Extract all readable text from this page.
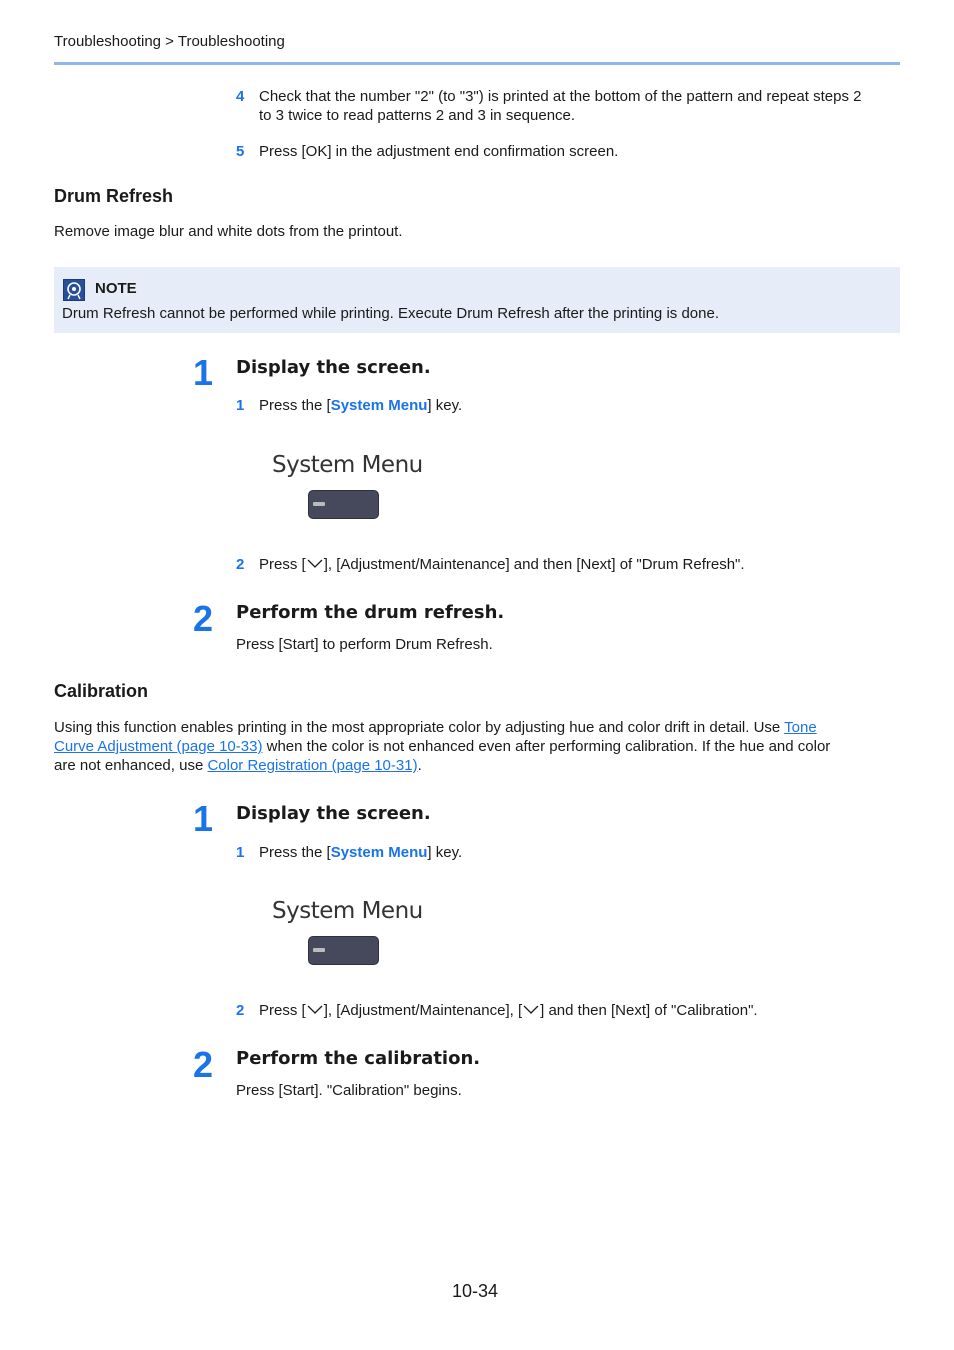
Troubleshooting > Troubleshooting
4 Check that the number "2" (to "3") is printed at the bottom of the pattern and repeat steps 2
to 3 twice to read patterns 2 and 3 in sequence.
5 Press [OK] in the adjustment end confirmation screen.
Drum Refresh
Remove image blur and white dots from the printout.
NOTE
Drum Refresh cannot be performed while printing. Execute Drum Refresh after the printing is done.
1 Display the screen.
1 Press the [System Menu] key.
System Menu
2 Press [ ], [Adjustment/Maintenance] and then [Next] of "Drum Refresh".
2 Perform the drum refresh.
Press [Start] to perform Drum Refresh.
Calibration
Using this function enables printing in the most appropriate color by adjusting hue and color drift in detail. Use Tone
Curve Adjustment (page 10-33) when the color is not enhanced even after performing calibration. If the hue and color
are not enhanced, use Color Registration (page 10-31).
1 Display the screen.
1 Press the [System Menu] key.
System Menu
2 Press [ ], [Adjustment/Maintenance], [ ] and then [Next] of "Calibration".
2 Perform the calibration.
Press [Start]. "Calibration" begins.
10-34
